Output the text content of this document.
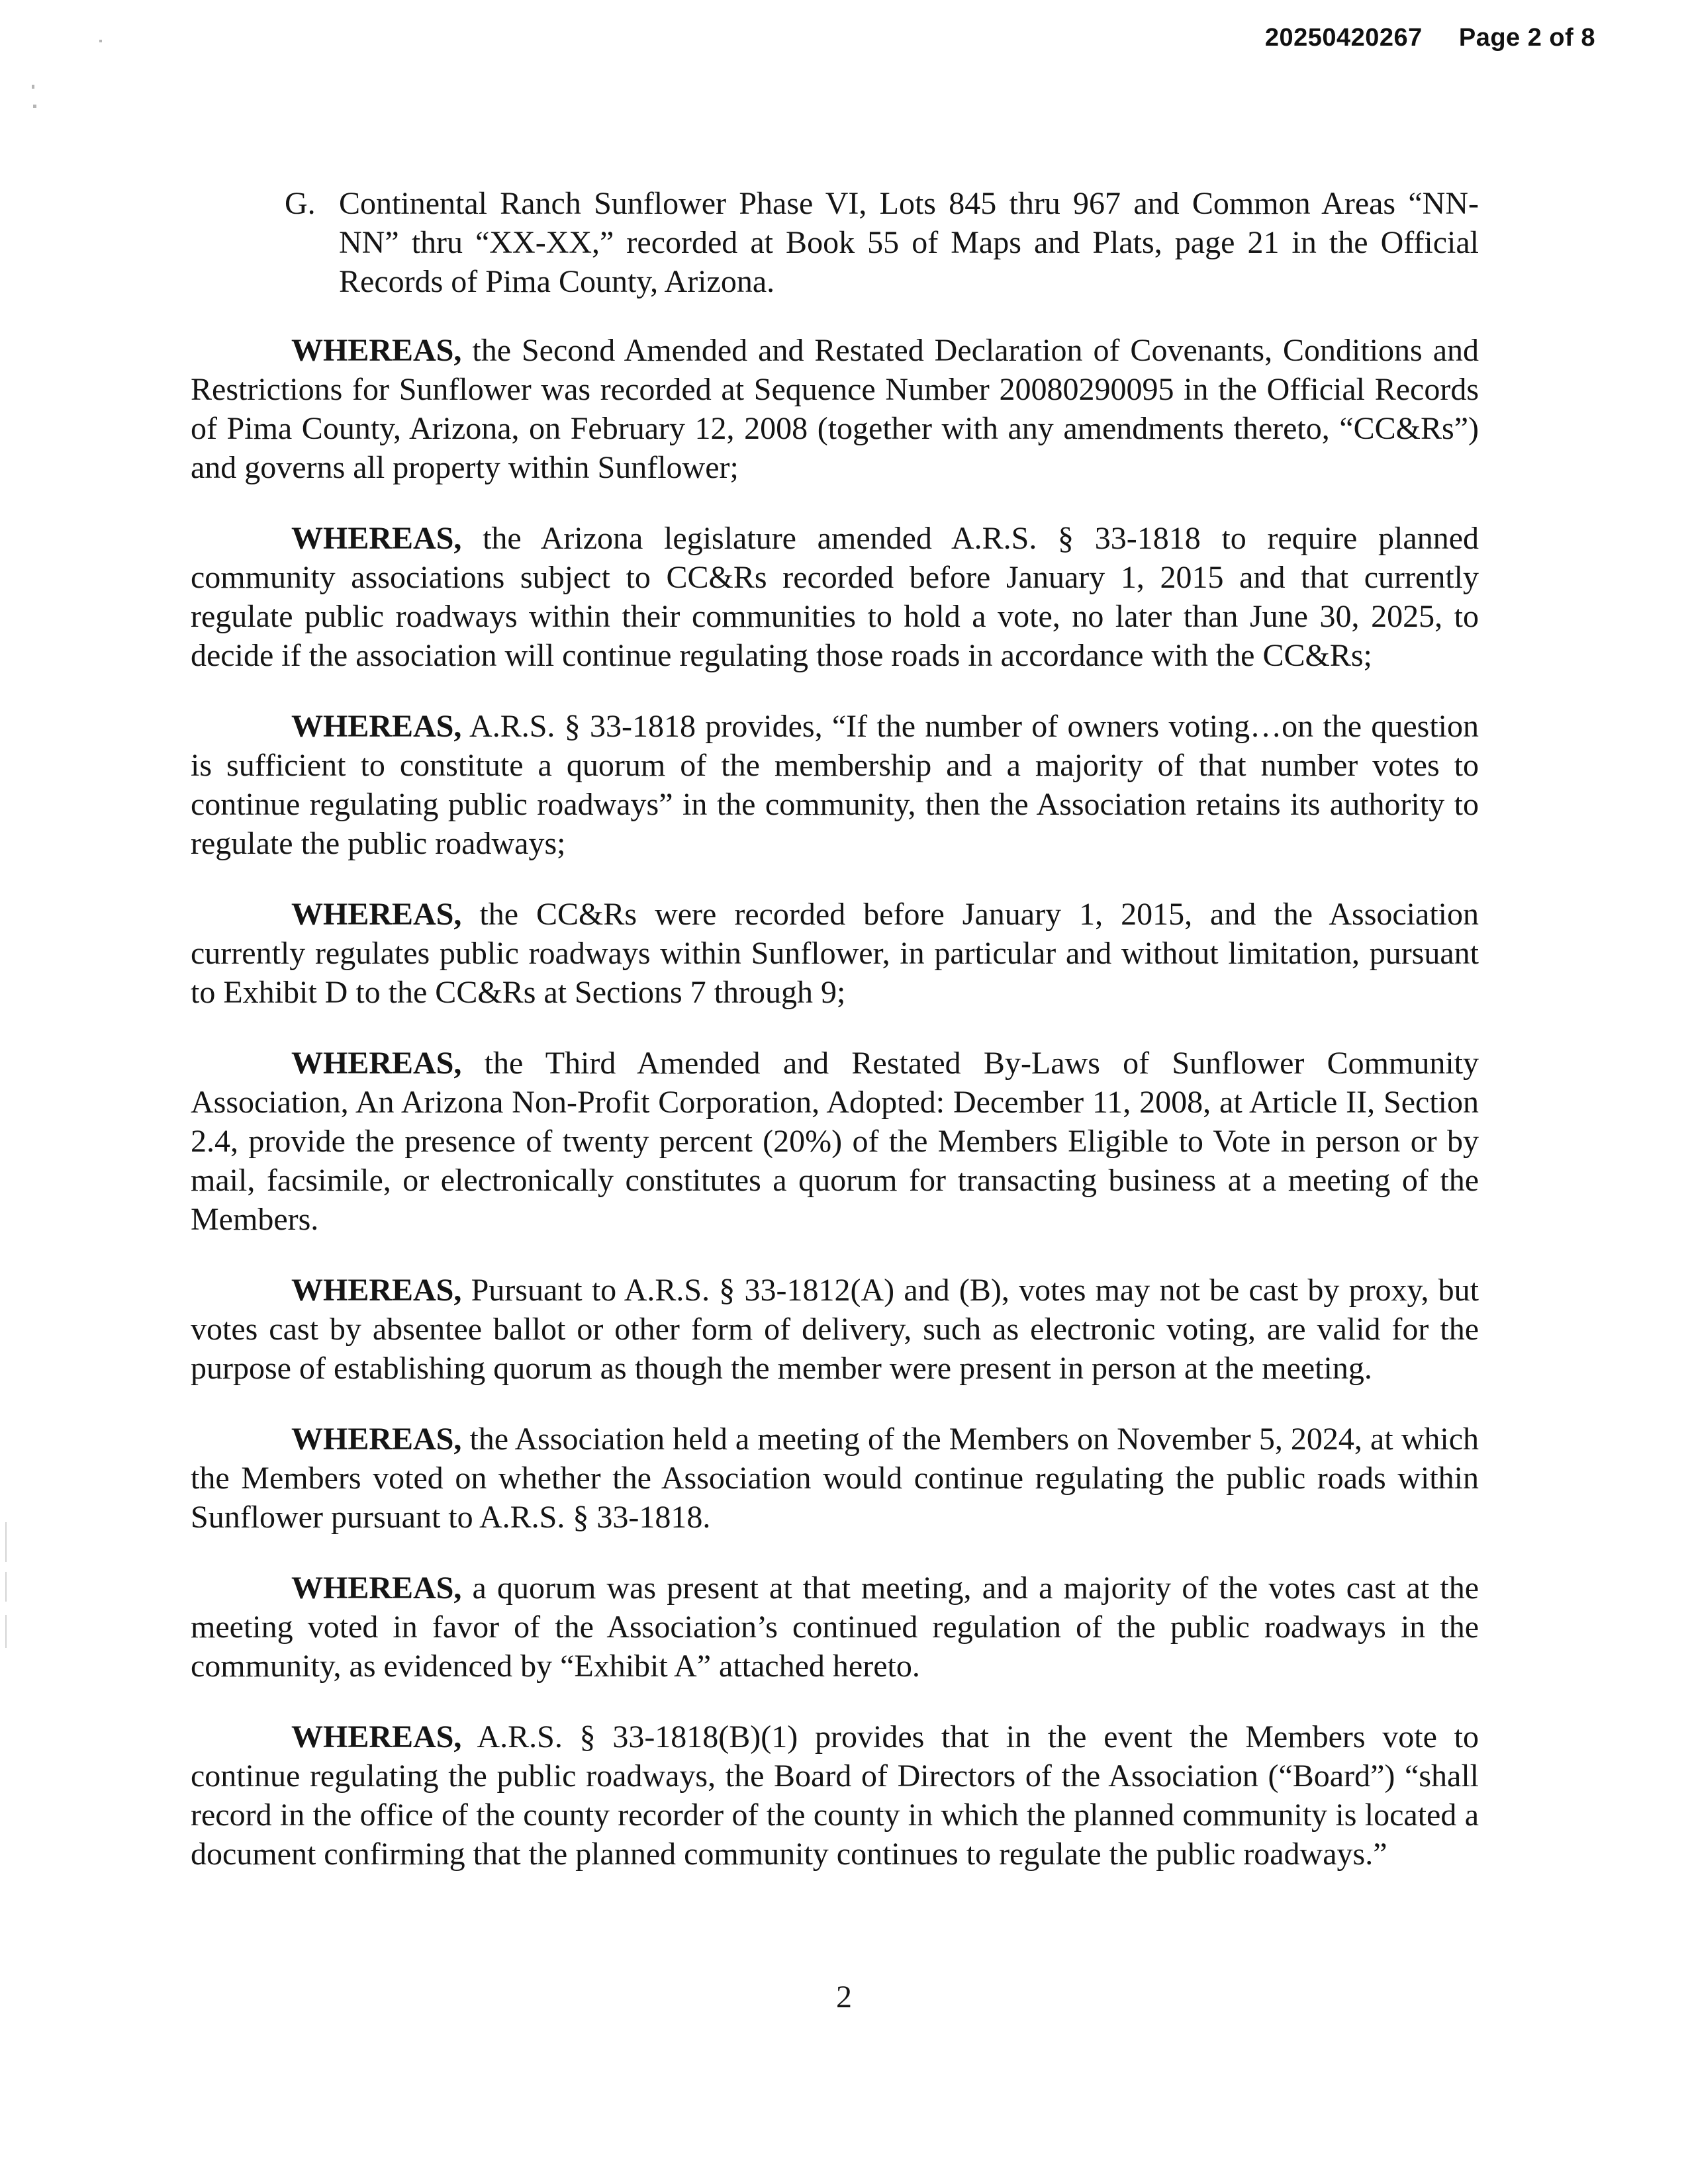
20250420267 Page 2 of 8
G. Continental Ranch Sunflower Phase VI, Lots 845 thru 967 and Common Areas “NN-NN” thru “XX-XX,” recorded at Book 55 of Maps and Plats, page 21 in the Official Records of Pima County, Arizona.

WHEREAS, the Second Amended and Restated Declaration of Covenants, Conditions and Restrictions for Sunflower was recorded at Sequence Number 20080290095 in the Official Records of Pima County, Arizona, on February 12, 2008 (together with any amendments thereto, “CC&Rs”) and governs all property within Sunflower;

WHEREAS, the Arizona legislature amended A.R.S. § 33-1818 to require planned community associations subject to CC&Rs recorded before January 1, 2015 and that currently regulate public roadways within their communities to hold a vote, no later than June 30, 2025, to decide if the association will continue regulating those roads in accordance with the CC&Rs;

WHEREAS, A.R.S. § 33-1818 provides, “If the number of owners voting…on the question is sufficient to constitute a quorum of the membership and a majority of that number votes to continue regulating public roadways” in the community, then the Association retains its authority to regulate the public roadways;

WHEREAS, the CC&Rs were recorded before January 1, 2015, and the Association currently regulates public roadways within Sunflower, in particular and without limitation, pursuant to Exhibit D to the CC&Rs at Sections 7 through 9;

WHEREAS, the Third Amended and Restated By-Laws of Sunflower Community Association, An Arizona Non-Profit Corporation, Adopted: December 11, 2008, at Article II, Section 2.4, provide the presence of twenty percent (20%) of the Members Eligible to Vote in person or by mail, facsimile, or electronically constitutes a quorum for transacting business at a meeting of the Members.

WHEREAS, Pursuant to A.R.S. § 33-1812(A) and (B), votes may not be cast by proxy, but votes cast by absentee ballot or other form of delivery, such as electronic voting, are valid for the purpose of establishing quorum as though the member were present in person at the meeting.

WHEREAS, the Association held a meeting of the Members on November 5, 2024, at which the Members voted on whether the Association would continue regulating the public roads within Sunflower pursuant to A.R.S. § 33-1818.

WHEREAS, a quorum was present at that meeting, and a majority of the votes cast at the meeting voted in favor of the Association’s continued regulation of the public roadways in the community, as evidenced by “Exhibit A” attached hereto.

WHEREAS, A.R.S. § 33-1818(B)(1) provides that in the event the Members vote to continue regulating the public roadways, the Board of Directors of the Association (“Board”) “shall record in the office of the county recorder of the county in which the planned community is located a document confirming that the planned community continues to regulate the public roadways.”

2
